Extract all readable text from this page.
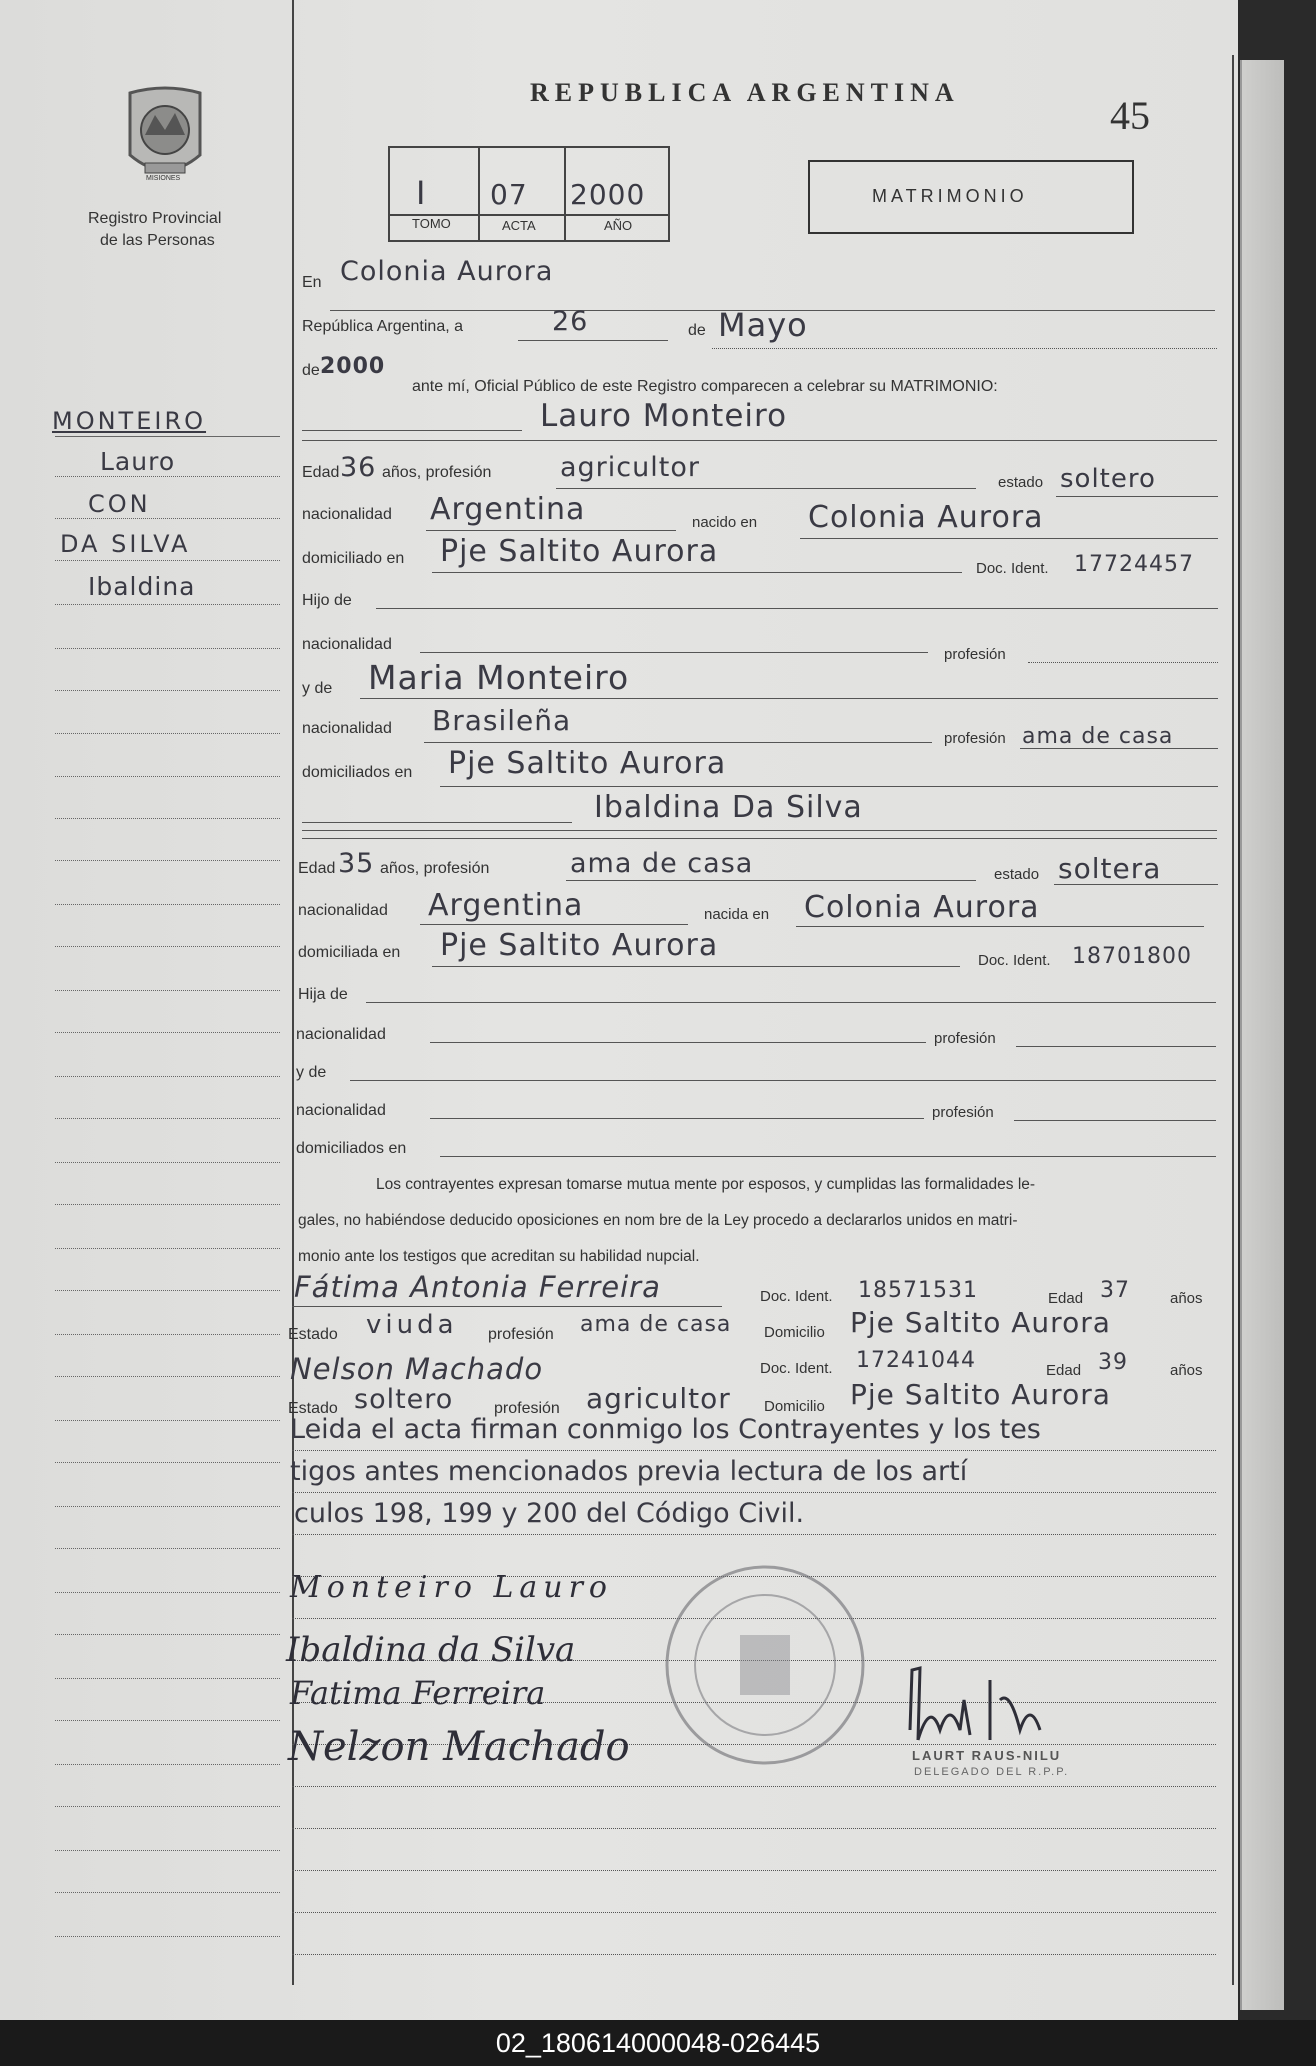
MISIONES
Registro Provincial
de las Personas
REPUBLICA ARGENTINA
45
I 07 2000
TOMO	ACTA	AÑO
MATRIMONIO
MONTEIRO
Lauro
CON
DA SILVA
Ibaldina
En Colonia Aurora
República Argentina, a	26	de Mayo
de 2000
ante mí, Oficial Público de este Registro comparecen a celebrar su MATRIMONIO:
Lauro Monteiro
Edad 36 años, profesión	agricultor	estado soltero
nacionalidad Argentina	nacido en Colonia Aurora
domiciliado en Pje Saltito Aurora	Doc. Ident. 17724457
Hijo de
nacionalidad
profesión
y de Maria Monteiro
nacionalidad Brasileña
profesión ama de casa
domiciliados en Pje Saltito Aurora
Ibaldina Da Silva
Edad 35 años, profesión	ama de casa	estado soltera
nacionalidad Argentina	nacida en Colonia Aurora
domiciliada en Pje Saltito Aurora	Doc. Ident. 18701800
Hija de
nacionalidad	profesión
y de
nacionalidad	profesión
domiciliados en
Los contrayentes expresan tomarse mutua mente por esposos, y cumplidas las formalidades le-
gales, no habiéndose deducido oposiciones en nom bre de la Ley procedo a declararlos unidos en matri-
monio ante los testigos que acreditan su habilidad nupcial.
Fátima Antonia Ferreira	Doc. Ident. 18571531	Edad 37	años
Estado viuda profesión ama de casa Domicilio Pje Saltito Aurora
Nelson Machado	Doc. Ident. 17241044	Edad 39	años
Estado soltero	profesión agricultor Domicilio Pje Saltito Aurora
Leida el acta firman conmigo los Contrayentes y los tes
tigos antes mencionados previa lectura de los artí
culos 198, 199 y 200 del Código Civil.
Monteiro Lauro
Ibaldina da Silva
Fatima Ferreira
Nelzon Machado	LAURT RAUS-NILU
DELEGADO DEL R.P.P.
02_180614000048-026445
